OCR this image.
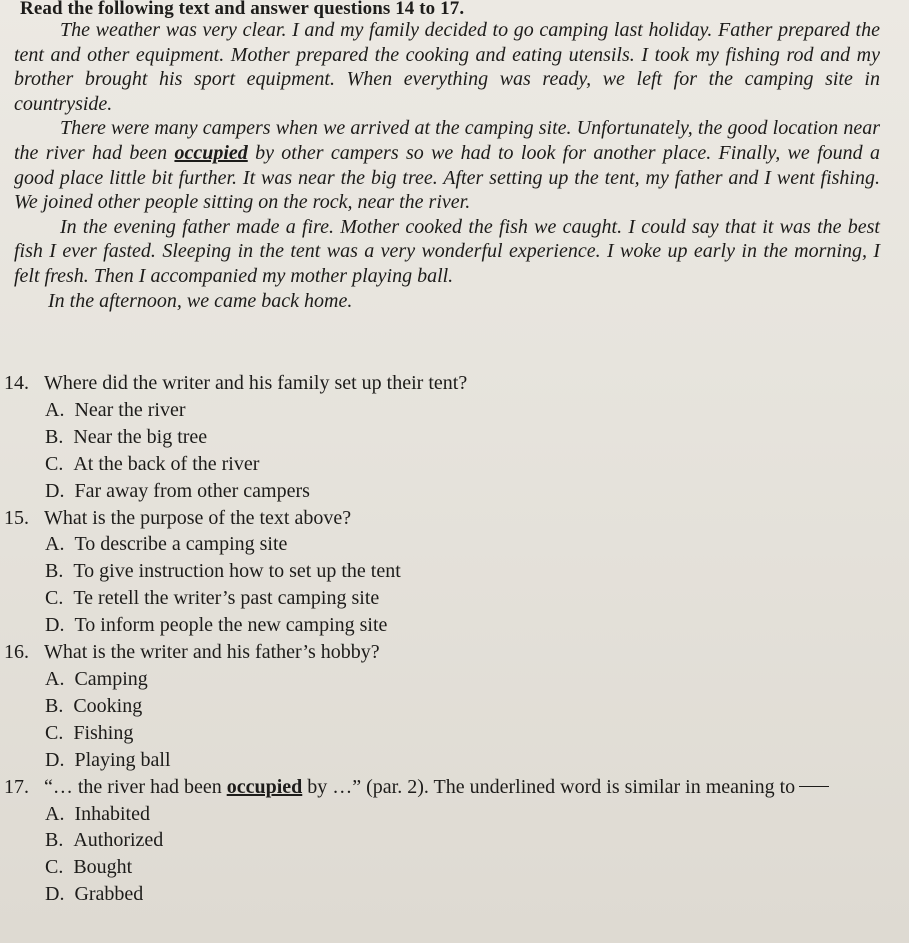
Read the following text and answer questions 14 to 17.

The weather was very clear. I and my family decided to go camping last holiday. Father prepared the tent and other equipment. Mother prepared the cooking and eating utensils. I took my fishing rod and my brother brought his sport equipment. When everything was ready, we left for the camping site in countryside.

There were many campers when we arrived at the camping site. Unfortunately, the good location near the river had been occupied by other campers so we had to look for another place. Finally, we found a good place little bit further. It was near the big tree. After setting up the tent, my father and I went fishing. We joined other people sitting on the rock, near the river.

In the evening father made a fire. Mother cooked the fish we caught. I could say that it was the best fish I ever fasted. Sleeping in the tent was a very wonderful experience. I woke up early in the morning, I felt fresh. Then I accompanied my mother playing ball.

In the afternoon, we came back home.

14. Where did the writer and his family set up their tent?
A. Near the river
B. Near the big tree
C. At the back of the river
D. Far away from other campers
15. What is the purpose of the text above?
A. To describe a camping site
B. To give instruction how to set up the tent
C. Te retell the writer’s past camping site
D. To inform people the new camping site
16. What is the writer and his father’s hobby?
A. Camping
B. Cooking
C. Fishing
D. Playing ball
17. “… the river had been occupied by …” (par. 2). The underlined word is similar in meaning to
A. Inhabited
B. Authorized
C. Bought
D. Grabbed
